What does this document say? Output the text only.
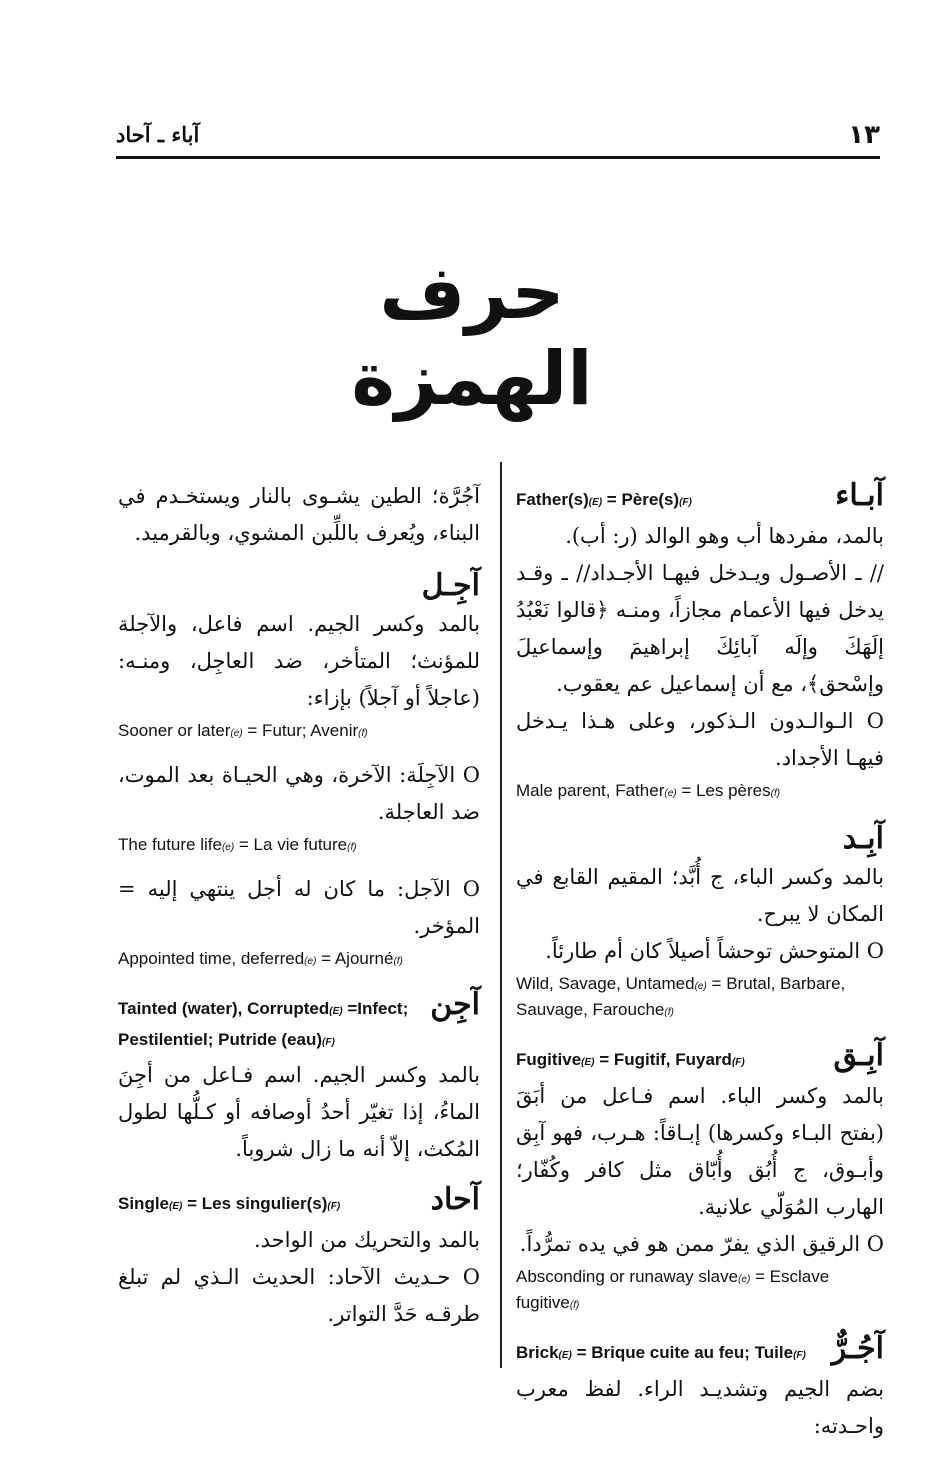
١٣
آباء ـ آحاد
حرف الهمزة
آبـاء
Father(s)(E) = Père(s)(F)

بالمد، مفردها أب وهو الوالد (ر: أب).

// ـ الأصـول ويـدخل فيهـا الأجـداد// ـ وقـد يدخل فيها الأعمام مجازاً، ومنـه ﴿قالوا نَعْبُدُ إلَهَكَ وإلَه آبائِكَ إبراهيمَ وإسماعيلَ وإسْحق﴾، مع أن إسماعيل عم يعقوب.

O الـوالـدون الـذكور، وعلى هـذا يـدخل فيهـا الأجداد.

Male parent, Father(e) = Les pères(f)
آبِـد

بالمد وكسر الباء، ج أُبَّد؛ المقيم القابع في المكان لا يبرح.

O المتوحش توحشاً أصيلاً كان أم طارئاً.

Wild, Savage, Untamed(e) = Brutal, Barbare, Sauvage, Farouche(f)
آبِـق
Fugitive(E) = Fugitif, Fuyard(F)

بالمد وكسر الباء. اسم فـاعل من أبَقَ (بفتح البـاء وكسرها) إبـاقاً: هـرب، فهو آبِق وأبـوق، ج أُبُق وأُبّاق مثل كافر وكُفّار؛ الهارب المُوَلّي علانية.

O الرقيق الذي يفرّ ممن هو في يده تمرُّداً.

Absconding or runaway slave(e) = Esclave fugitive(f)
آجُـرٌّ
Brick(E) = Brique cuite au feu; Tuile(F)

بضم الجيم وتشديـد الراء. لفظ معرب واحـدته:

آجُرَّة؛ الطين يشـوى بالنار ويستخـدم في البناء، ويُعرف باللِّبن المشوي، وبالقرميد.

آجِـل

بالمد وكسر الجيم. اسم فاعل، والآجلة للمؤنث؛ المتأخر، ضد العاجِل، ومنـه: (عاجلاً أو آجلاً) بإزاء:

Sooner or later(e) = Futur; Avenir(f)

O الآجِلَة: الآخرة، وهي الحيـاة بعد الموت، ضد العاجلة.

The future life(e) = La vie future(f)

O الآجل: ما كان له أجل ينتهي إليه = المؤخر.

Appointed time, deferred(e) = Ajourné(f)
آجِن
Tainted (water), Corrupted(E) =Infect; Pestilentiel; Putride (eau)(F)

بالمد وكسر الجيم. اسم فـاعل من أجِنَ الماءُ، إذا تغيّر أحدُ أوصافه أو كـلُّها لطول المُكث، إلاّ أنه ما زال شروباً.

آحاد
Single(E) = Les singulier(s)(F)

بالمد والتحريك من الواحد.

O حـديث الآحاد: الحديث الـذي لم تبلغ طرقـه حَدَّ التواتر.
